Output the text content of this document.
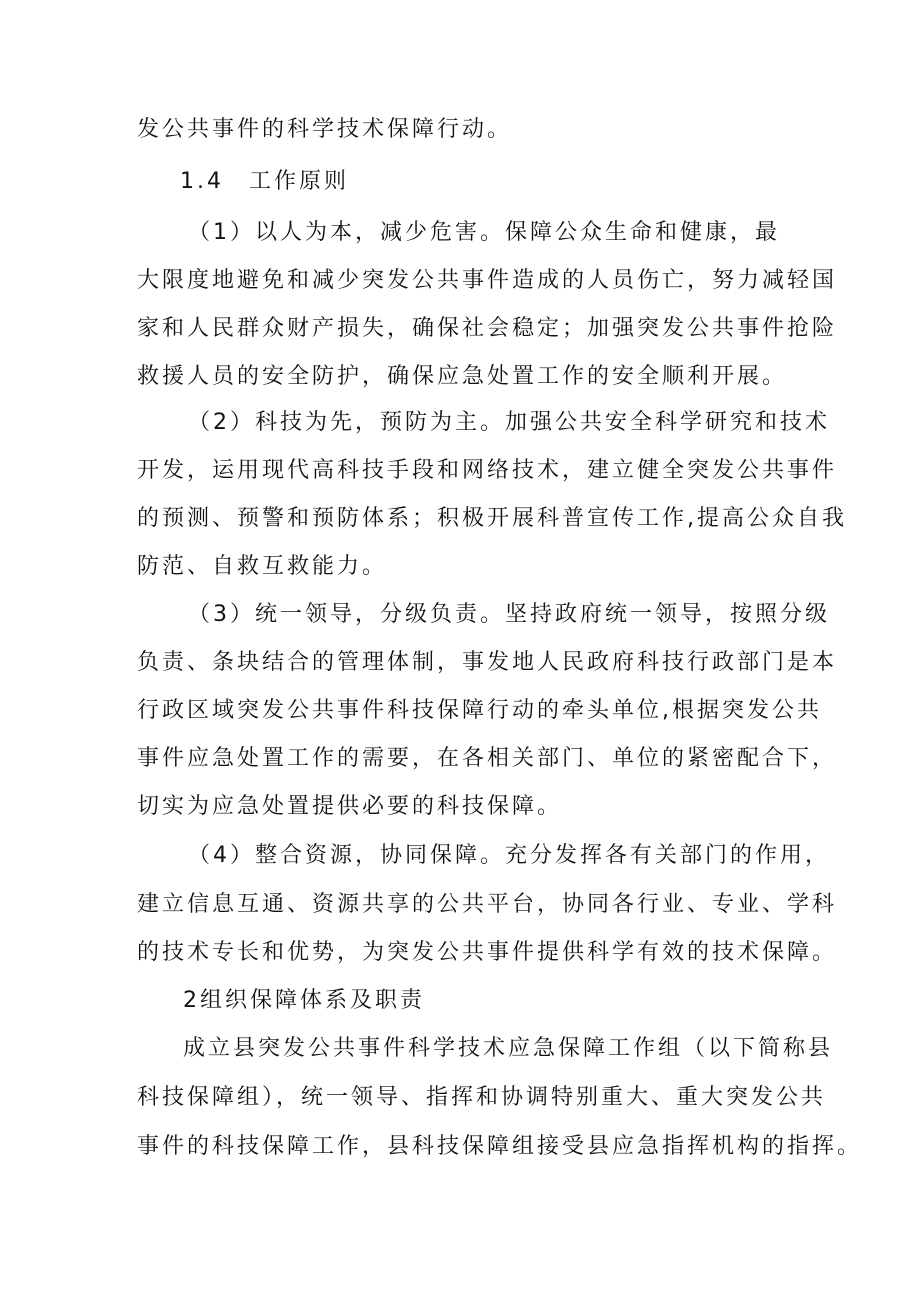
发公共事件的科学技术保障行动。
1.4　工作原则
（1）以人为本，减少危害。保障公众生命和健康，最
大限度地避免和减少突发公共事件造成的人员伤亡，努力减轻国
家和人民群众财产损失，确保社会稳定；加强突发公共事件抢险
救援人员的安全防护，确保应急处置工作的安全顺利开展。
（2）科技为先，预防为主。加强公共安全科学研究和技术
开发，运用现代高科技手段和网络技术，建立健全突发公共事件
的预测、预警和预防体系；积极开展科普宣传工作,提高公众自我
防范、自救互救能力。
（3）统一领导，分级负责。坚持政府统一领导，按照分级
负责、条块结合的管理体制，事发地人民政府科技行政部门是本
行政区域突发公共事件科技保障行动的牵头单位,根据突发公共
事件应急处置工作的需要，在各相关部门、单位的紧密配合下，
切实为应急处置提供必要的科技保障。
（4）整合资源，协同保障。充分发挥各有关部门的作用，
建立信息互通、资源共享的公共平台，协同各行业、专业、学科
的技术专长和优势，为突发公共事件提供科学有效的技术保障。
2组织保障体系及职责
成立县突发公共事件科学技术应急保障工作组（以下简称县
科技保障组），统一领导、指挥和协调特别重大、重大突发公共
事件的科技保障工作，县科技保障组接受县应急指挥机构的指挥。
